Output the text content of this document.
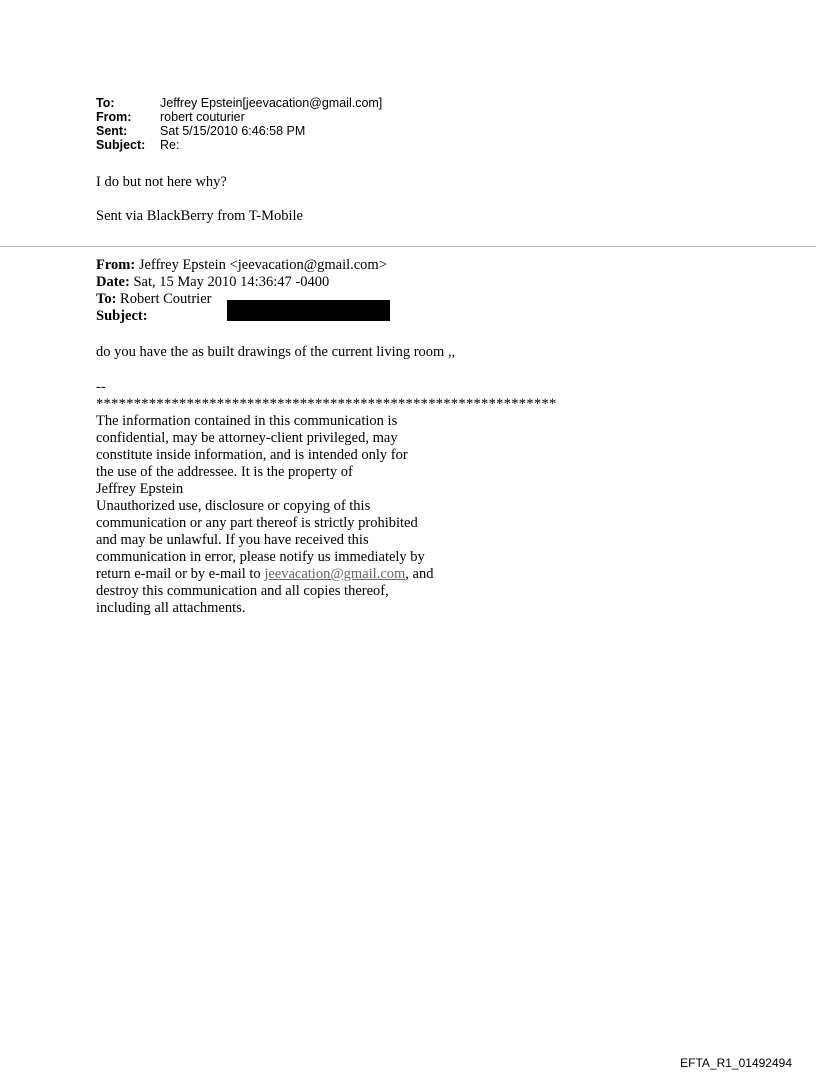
To:	Jeffrey Epstein[jeevacation@gmail.com]
From:	robert couturier
Sent:	Sat 5/15/2010 6:46:58 PM
Subject:	Re:

I do but not here why?

Sent via BlackBerry from T-Mobile

From: Jeffrey Epstein <jeevacation@gmail.com>
Date: Sat, 15 May 2010 14:36:47 -0400
To: Robert Coutrier
Subject:
do you have the as built drawings of the current living room ,,
--
*************************************************************
The information contained in this communication is
confidential, may be attorney-client privileged, may
constitute inside information, and is intended only for
the use of the addressee. It is the property of
Jeffrey Epstein
Unauthorized use, disclosure or copying of this
communication or any part thereof is strictly prohibited
and may be unlawful. If you have received this
communication in error, please notify us immediately by
return e-mail or by e-mail to jeevacation@gmail.com, and
destroy this communication and all copies thereof,
including all attachments.
EFTA_R1_01492494
